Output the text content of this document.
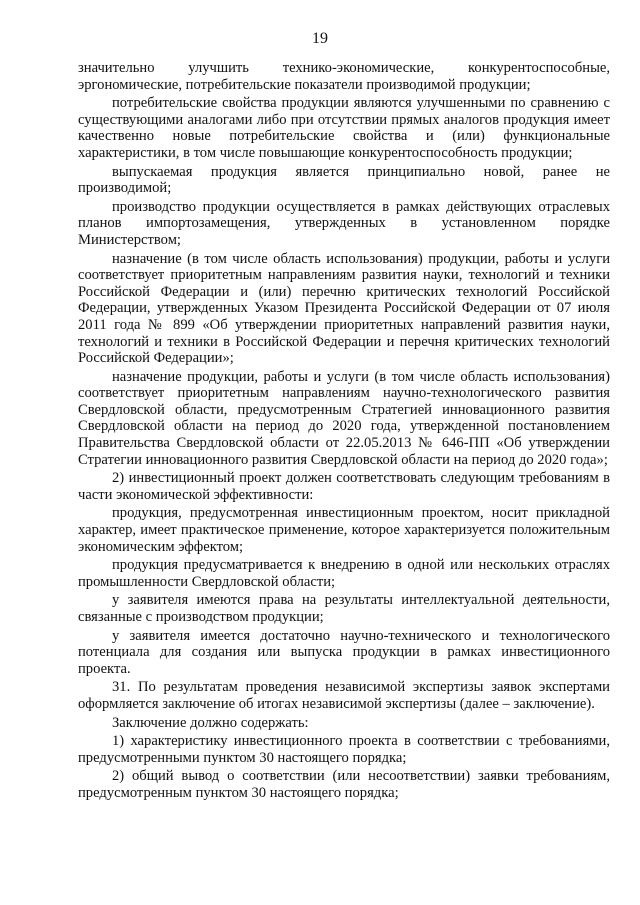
19

значительно улучшить технико-экономические, конкурентоспособные, эргономические, потребительские показатели производимой продукции;

потребительские свойства продукции являются улучшенными по сравнению с существующими аналогами либо при отсутствии прямых аналогов продукция имеет качественно новые потребительские свойства и (или) функциональные характеристики, в том числе повышающие конкурентоспособность продукции;

выпускаемая продукция является принципиально новой, ранее не производимой;

производство продукции осуществляется в рамках действующих отраслевых планов импортозамещения, утвержденных в установленном порядке Министерством;

назначение (в том числе область использования) продукции, работы и услуги соответствует приоритетным направлениям развития науки, технологий и техники Российской Федерации и (или) перечню критических технологий Российской Федерации, утвержденных Указом Президента Российской Федерации от 07 июля 2011 года № 899 «Об утверждении приоритетных направлений развития науки, технологий и техники в Российской Федерации и перечня критических технологий Российской Федерации»;

назначение продукции, работы и услуги (в том числе область использования) соответствует приоритетным направлениям научно-технологического развития Свердловской области, предусмотренным Стратегией инновационного развития Свердловской области на период до 2020 года, утвержденной постановлением Правительства Свердловской области от 22.05.2013 № 646-ПП «Об утверждении Стратегии инновационного развития Свердловской области на период до 2020 года»;

2) инвестиционный проект должен соответствовать следующим требованиям в части экономической эффективности:

продукция, предусмотренная инвестиционным проектом, носит прикладной характер, имеет практическое применение, которое характеризуется положительным экономическим эффектом;

продукция предусматривается к внедрению в одной или нескольких отраслях промышленности Свердловской области;

у заявителя имеются права на результаты интеллектуальной деятельности, связанные с производством продукции;

у заявителя имеется достаточно научно-технического и технологического потенциала для создания или выпуска продукции в рамках инвестиционного проекта.

31. По результатам проведения независимой экспертизы заявок экспертами оформляется заключение об итогах независимой экспертизы (далее – заключение).

Заключение должно содержать:

1) характеристику инвестиционного проекта в соответствии с требованиями, предусмотренными пунктом 30 настоящего порядка;

2) общий вывод о соответствии (или несоответствии) заявки требованиям, предусмотренным пунктом 30 настоящего порядка;
